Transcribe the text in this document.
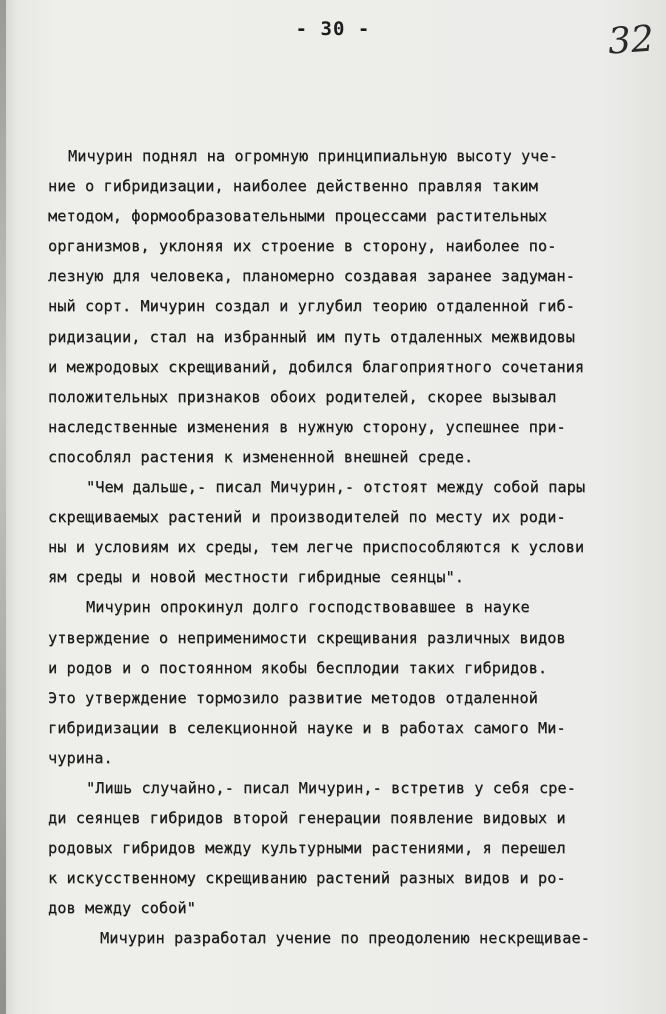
- 30 -	32
Мичурин поднял на огромную принципиальную высоту уче-
ние о гибридизации, наиболее действенно правляя таким
методом, формообразовательными процессами растительных
организмов, уклоняя их строение в сторону, наиболее по-
лезную для человека, планомерно создавая заранее задуман-
ный сорт. Мичурин создал и углубил теорию отдаленной гиб-
ридизации, стал на избранный им путь отдаленных межвидовы
и межродовых скрещиваний, добился благоприятного сочетания
положительных признаков обоих родителей, скорее вызывал
наследственные изменения в нужную сторону, успешнее при-
способлял растения к измененной внешней среде.
"Чем дальше,- писал Мичурин,- отстоят между собой пары
скрещиваемых растений и производителей по месту их роди-
ны и условиям их среды, тем легче приспособляются к услови
ям среды и новой местности гибридные сеянцы".
Мичурин опрокинул долго господствовавшее в науке
утверждение о неприменимости скрещивания различных видов
и родов и о постоянном якобы бесплодии таких гибридов.
Это утверждение тормозило развитие методов отдаленной
гибридизации в селекционной науке и в работах самого Ми-
чурина.
"Лишь случайно,- писал Мичурин,- встретив у себя сре-
ди сеянцев гибридов второй генерации появление видовых и
родовых гибридов между культурными растениями, я перешел
к искусственному скрещиванию растений разных видов и ро-
дов между собой"
Мичурин разработал учение по преодолению нескрещивае-
